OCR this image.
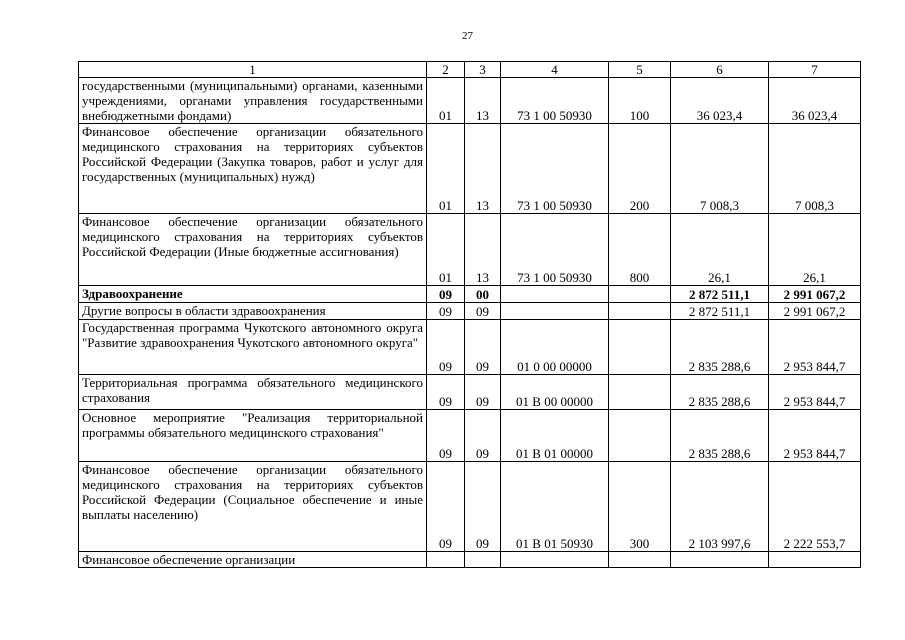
27
1	2	3	4	5	6	7
государственными (муниципальными) органами, казенными учреждениями, органами управления государственными внебюджетными фондами)	01	13	73 1 00 50930	100	36 023,4	36 023,4
Финансовое обеспечение организации обязательного медицинского страхования на территориях субъектов Российской Федерации (Закупка товаров, работ и услуг для государственных (муниципальных) нужд)	01	13	73 1 00 50930	200	7 008,3	7 008,3
Финансовое обеспечение организации обязательного медицинского страхования на территориях субъектов Российской Федерации (Иные бюджетные ассигнования)	01	13	73 1 00 50930	800	26,1	26,1
Здравоохранение	09	00			2 872 511,1	2 991 067,2
Другие вопросы в области здравоохранения	09	09			2 872 511,1	2 991 067,2
Государственная программа Чукотского автономного округа "Развитие здравоохранения Чукотского автономного округа"	09	09	01 0 00 00000		2 835 288,6	2 953 844,7
Территориальная программа обязательного медицинского страхования	09	09	01 В 00 00000		2 835 288,6	2 953 844,7
Основное мероприятие "Реализация территориальной программы обязательного медицинского страхования"	09	09	01 В 01 00000		2 835 288,6	2 953 844,7
Финансовое обеспечение организации обязательного медицинского страхования на территориях субъектов Российской Федерации (Социальное обеспечение и иные выплаты населению)	09	09	01 В 01 50930	300	2 103 997,6	2 222 553,7
Финансовое обеспечение организации						
